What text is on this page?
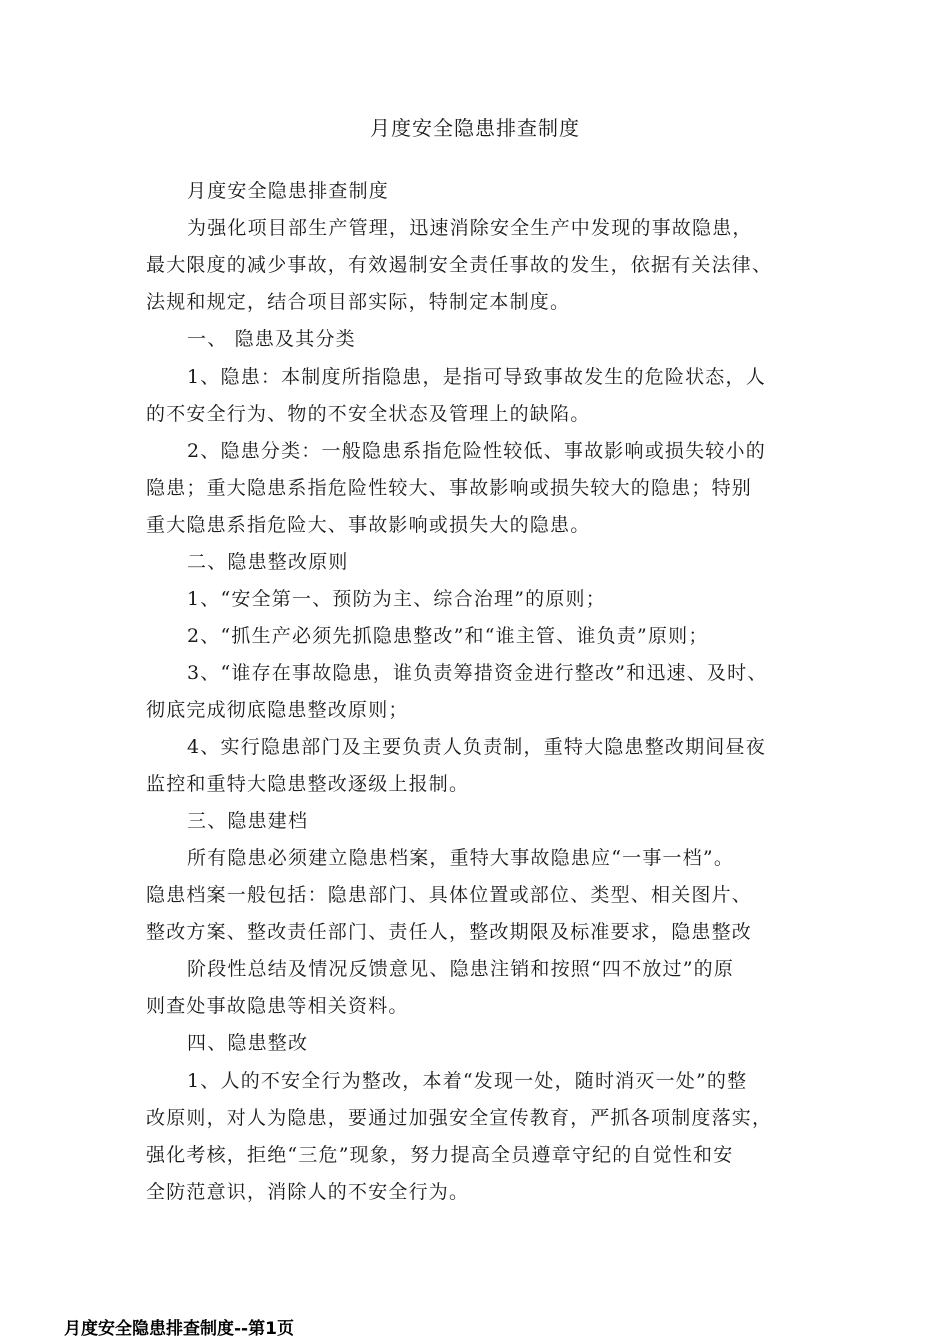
月度安全隐患排查制度
月度安全隐患排查制度
为强化项目部生产管理，迅速消除安全生产中发现的事故隐患，
最大限度的减少事故，有效遏制安全责任事故的发生，依据有关法律、
法规和规定，结合项目部实际，特制定本制度。
一、 隐患及其分类
1、隐患：本制度所指隐患，是指可导致事故发生的危险状态，人
的不安全行为、物的不安全状态及管理上的缺陷。
2、隐患分类：一般隐患系指危险性较低、事故影响或损失较小的
隐患；重大隐患系指危险性较大、事故影响或损失较大的隐患；特别
重大隐患系指危险大、事故影响或损失大的隐患。
二、隐患整改原则
1、“安全第一、预防为主、综合治理”的原则；
2、“抓生产必须先抓隐患整改”和“谁主管、谁负责”原则；
3、“谁存在事故隐患，谁负责筹措资金进行整改”和迅速、及时、
彻底完成彻底隐患整改原则；
4、实行隐患部门及主要负责人负责制，重特大隐患整改期间昼夜
监控和重特大隐患整改逐级上报制。
三、隐患建档
所有隐患必须建立隐患档案，重特大事故隐患应“一事一档”。
隐患档案一般包括：隐患部门、具体位置或部位、类型、相关图片、
整改方案、整改责任部门、责任人，整改期限及标准要求，隐患整改
阶段性总结及情况反馈意见、隐患注销和按照“四不放过”的原
则查处事故隐患等相关资料。
四、隐患整改
1、人的不安全行为整改，本着“发现一处，随时消灭一处”的整
改原则，对人为隐患，要通过加强安全宣传教育，严抓各项制度落实，
强化考核，拒绝“三危”现象，努力提高全员遵章守纪的自觉性和安
全防范意识，消除人的不安全行为。
月度安全隐患排查制度--第1页
